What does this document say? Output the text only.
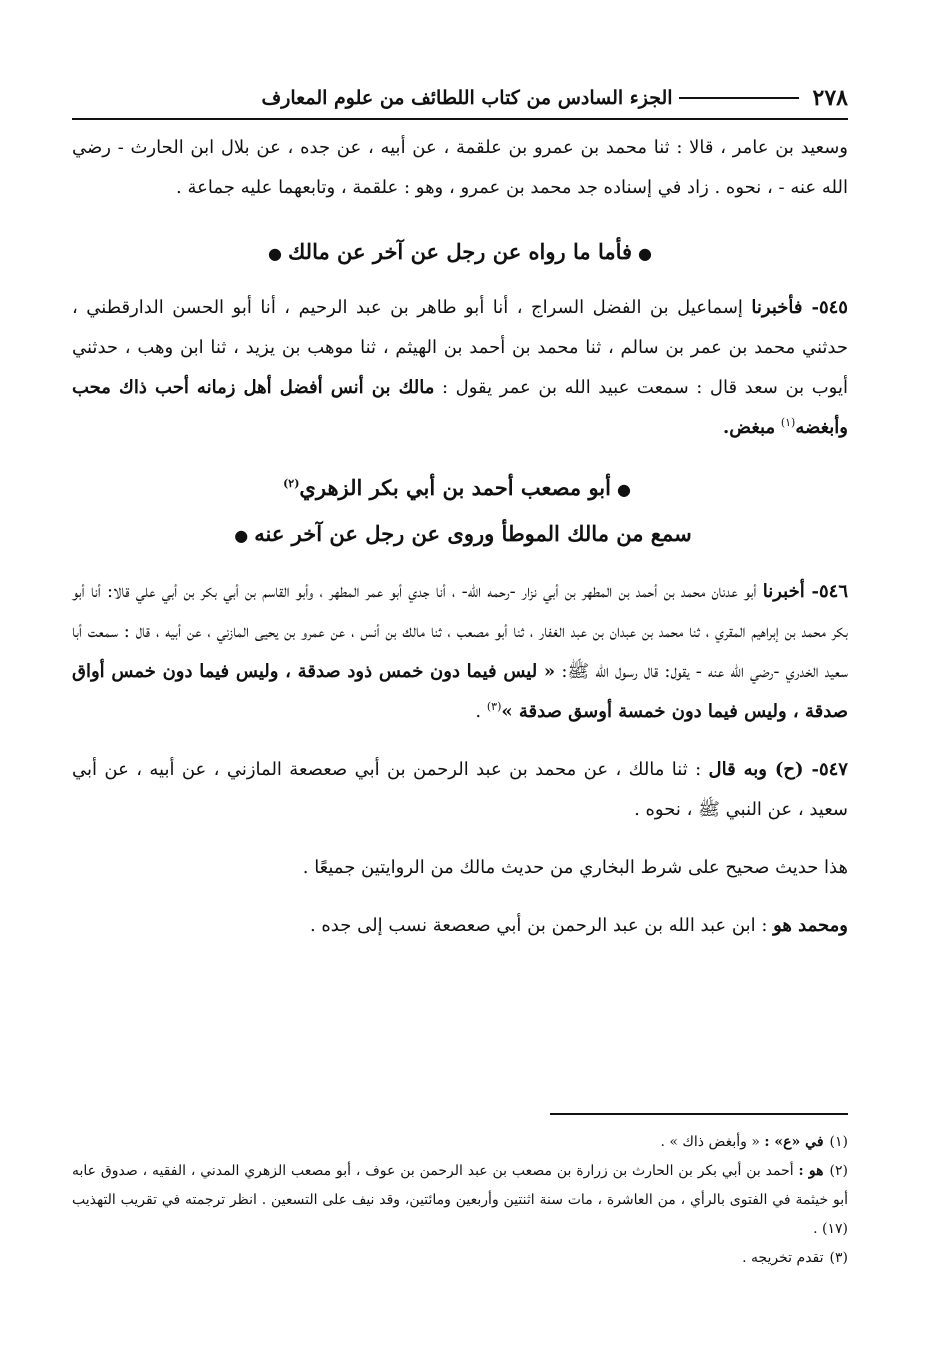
٢٧٨
الجزء السادس من كتاب اللطائف من علوم المعارف

وسعيد بن عامر ، قالا : ثنا محمد بن عمرو بن علقمة ، عن أبيه ، عن جده ، عن بلال ابن الحارث - رضي الله عنه - ، نحوه . زاد في إسناده جد محمد بن عمرو ، وهو : علقمة ، وتابعهما عليه جماعة .

●فأما ما رواه عن رجل عن آخر عن مالك●

٥٤٥- فأخبرنا إسماعيل بن الفضل السراج ، أنا أبو طاهر بن عبد الرحيم ، أنا أبو الحسن الدارقطني ، حدثني محمد بن عمر بن سالم ، ثنا محمد بن أحمد بن الهيثم ، ثنا موهب بن يزيد ، ثنا ابن وهب ، حدثني أيوب بن سعد قال : سمعت عبيد الله بن عمر يقول : مالك بن أنس أفضل أهل زمانه أحب ذاك محب وأبغضه$^{(١)}$ مبغض.

●أبو مصعب أحمد بن أبي بكر الزهري$^{(٢)}$
سمع من مالك الموطأ وروى عن رجل عن آخر عنه●

٥٤٦- أخبرنا أبو عدنان محمد بن أحمد بن المطهر بن أبي نزار -رحمه الله- ، أنا جدي أبو عمر المطهر ، وأبو القاسم بن أبي بكر بن أبي علي قالا: أنا أبو بكر محمد بن إبراهيم المقري ، ثنا محمد بن عبدان بن عبد الغفار ، ثنا أبو مصعب ، ثنا مالك بن أنس ، عن عمرو بن يحيى المازني ، عن أبيه ، قال : سمعت أبا سعيد الخدري -رضي الله عنه - يقول: قال رسول الله ﷺ: « ليس فيما دون خمس ذود صدقة ، وليس فيما دون خمس أواق صدقة ، وليس فيما دون خمسة أوسق صدقة »$^{(٣)}$ .

٥٤٧- (ح) وبه قال : ثنا مالك ، عن محمد بن عبد الرحمن بن أبي صعصعة المازني ، عن أبيه ، عن أبي سعيد ، عن النبي ﷺ ، نحوه .

هذا حديث صحيح على شرط البخاري من حديث مالك من الروايتين جميعًا .

ومحمد هو : ابن عبد الله بن عبد الرحمن بن أبي صعصعة نسب إلى جده .

(١)في «ع» : « وأبغض ذاك » .

(٢)هو : أحمد بن أبي بكر بن الحارث بن زرارة بن مصعب بن عبد الرحمن بن عوف ، أبو مصعب الزهري المدني ، الفقيه ، صدوق عابه أبو خيثمة في الفتوى بالرأي ، من العاشرة ، مات سنة اثنتين وأربعين ومائتين، وقد نيف على التسعين . انظر ترجمته في تقريب التهذيب (١٧) .

(٣)تقدم تخريجه .
